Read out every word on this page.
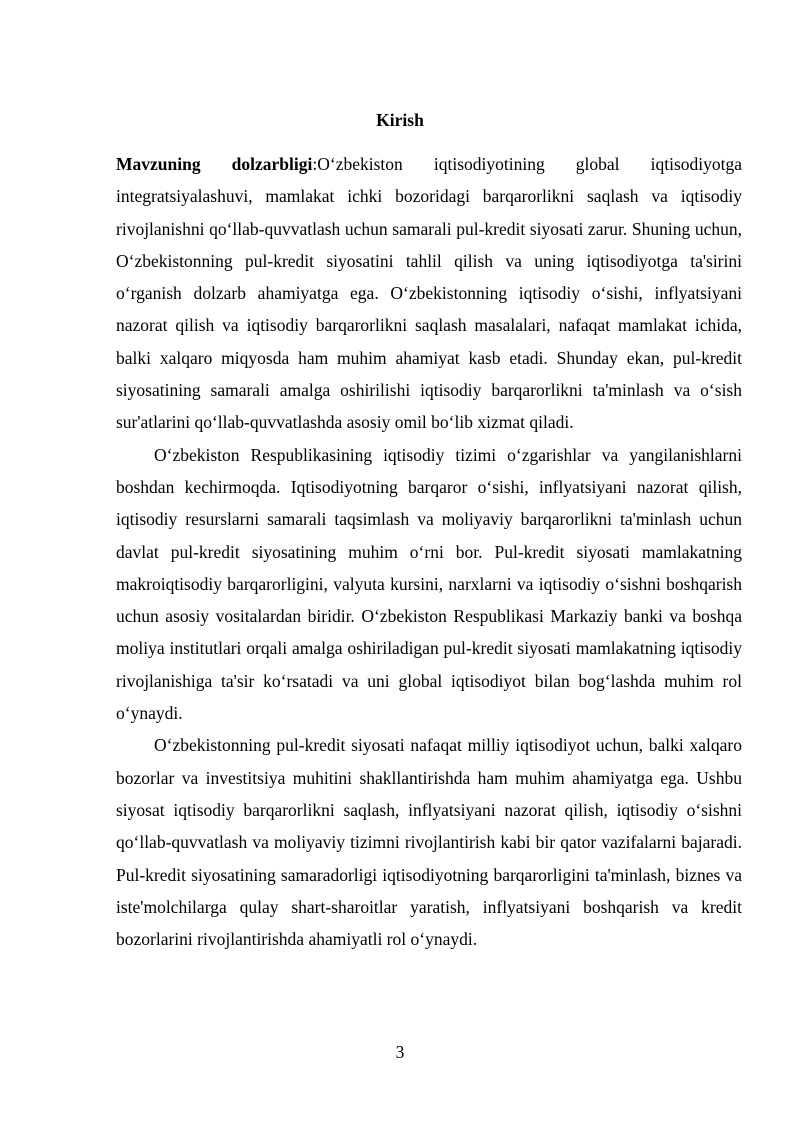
Kirish

Mavzuning dolzarbligi:O‘zbekiston iqtisodiyotining global iqtisodiyotga integratsiyalashuvi, mamlakat ichki bozoridagi barqarorlikni saqlash va iqtisodiy rivojlanishni qo‘llab-quvvatlash uchun samarali pul-kredit siyosati zarur. Shuning uchun, O‘zbekistonning pul-kredit siyosatini tahlil qilish va uning iqtisodiyotga ta'sirini o‘rganish dolzarb ahamiyatga ega. O‘zbekistonning iqtisodiy o‘sishi, inflyatsiyani nazorat qilish va iqtisodiy barqarorlikni saqlash masalalari, nafaqat mamlakat ichida, balki xalqaro miqyosda ham muhim ahamiyat kasb etadi. Shunday ekan, pul-kredit siyosatining samarali amalga oshirilishi iqtisodiy barqarorlikni ta'minlash va o‘sish sur'atlarini qo‘llab-quvvatlashda asosiy omil bo‘lib xizmat qiladi.

O‘zbekiston Respublikasining iqtisodiy tizimi o‘zgarishlar va yangilanishlarni boshdan kechirmoqda. Iqtisodiyotning barqaror o‘sishi, inflyatsiyani nazorat qilish, iqtisodiy resurslarni samarali taqsimlash va moliyaviy barqarorlikni ta'minlash uchun davlat pul-kredit siyosatining muhim o‘rni bor. Pul-kredit siyosati mamlakatning makroiqtisodiy barqarorligini, valyuta kursini, narxlarni va iqtisodiy o‘sishni boshqarish uchun asosiy vositalardan biridir. O‘zbekiston Respublikasi Markaziy banki va boshqa moliya institutlari orqali amalga oshiriladigan pul-kredit siyosati mamlakatning iqtisodiy rivojlanishiga ta'sir ko‘rsatadi va uni global iqtisodiyot bilan bog‘lashda muhim rol o‘ynaydi.

O‘zbekistonning pul-kredit siyosati nafaqat milliy iqtisodiyot uchun, balki xalqaro bozorlar va investitsiya muhitini shakllantirishda ham muhim ahamiyatga ega. Ushbu siyosat iqtisodiy barqarorlikni saqlash, inflyatsiyani nazorat qilish, iqtisodiy o‘sishni qo‘llab-quvvatlash va moliyaviy tizimni rivojlantirish kabi bir qator vazifalarni bajaradi. Pul-kredit siyosatining samaradorligi iqtisodiyotning barqarorligini ta'minlash, biznes va iste'molchilarga qulay shart-sharoitlar yaratish, inflyatsiyani boshqarish va kredit bozorlarini rivojlantirishda ahamiyatli rol o‘ynaydi.

3
